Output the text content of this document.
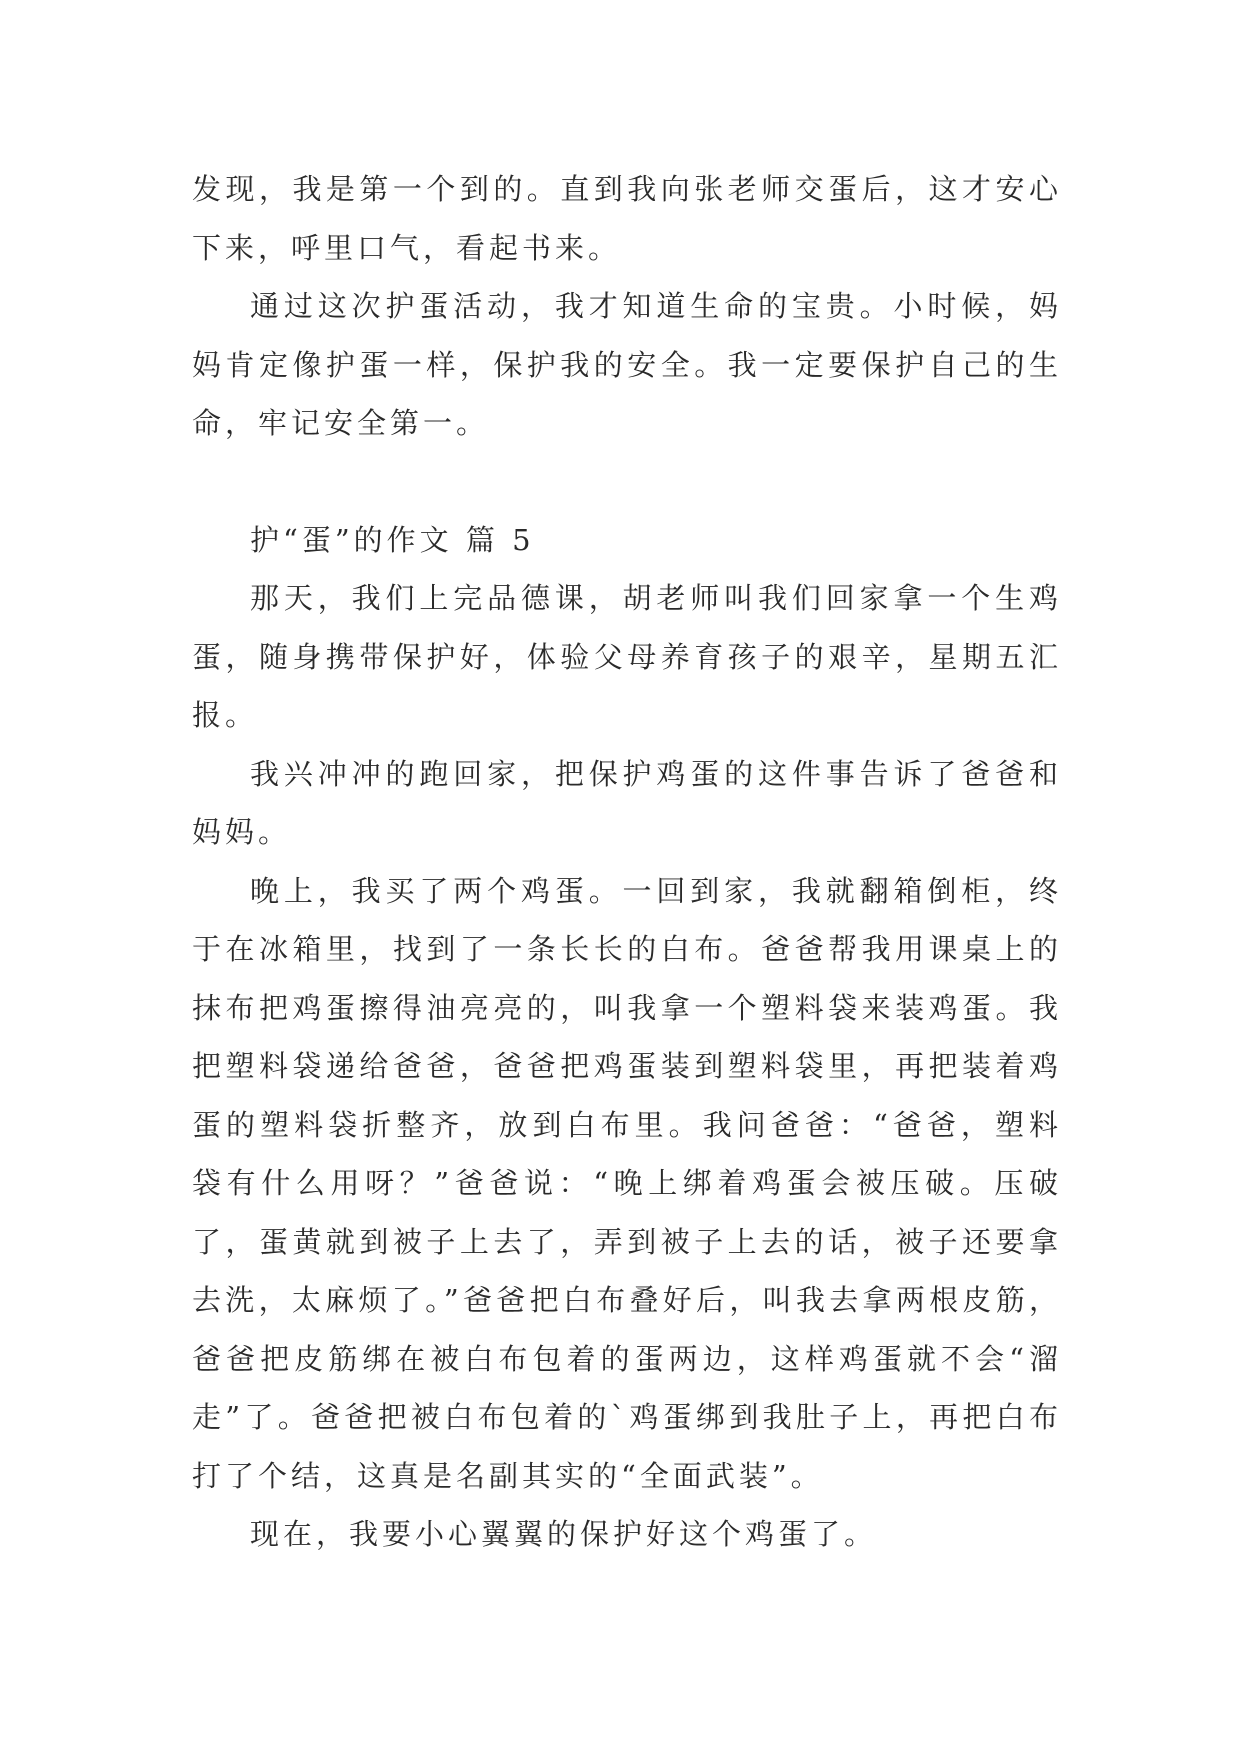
发现，我是第一个到的。直到我向张老师交蛋后，这才安心下来，呼里口气，看起书来。

通过这次护蛋活动，我才知道生命的宝贵。小时候，妈妈肯定像护蛋一样，保护我的安全。我一定要保护自己的生命，牢记安全第一。

护“蛋”的作文 篇 5

那天，我们上完品德课，胡老师叫我们回家拿一个生鸡蛋，随身携带保护好，体验父母养育孩子的艰辛，星期五汇报。

我兴冲冲的跑回家，把保护鸡蛋的这件事告诉了爸爸和妈妈。

晚上，我买了两个鸡蛋。一回到家，我就翻箱倒柜，终于在冰箱里，找到了一条长长的白布。爸爸帮我用课桌上的抹布把鸡蛋擦得油亮亮的，叫我拿一个塑料袋来装鸡蛋。我把塑料袋递给爸爸，爸爸把鸡蛋装到塑料袋里，再把装着鸡蛋的塑料袋折整齐，放到白布里。我问爸爸：“爸爸，塑料袋有什么用呀？”爸爸说：“晚上绑着鸡蛋会被压破。压破了，蛋黄就到被子上去了，弄到被子上去的话，被子还要拿去洗，太麻烦了。”爸爸把白布叠好后，叫我去拿两根皮筋，爸爸把皮筋绑在被白布包着的蛋两边，这样鸡蛋就不会“溜走”了。爸爸把被白布包着的`鸡蛋绑到我肚子上，再把白布打了个结，这真是名副其实的“全面武装”。

现在，我要小心翼翼的保护好这个鸡蛋了。
